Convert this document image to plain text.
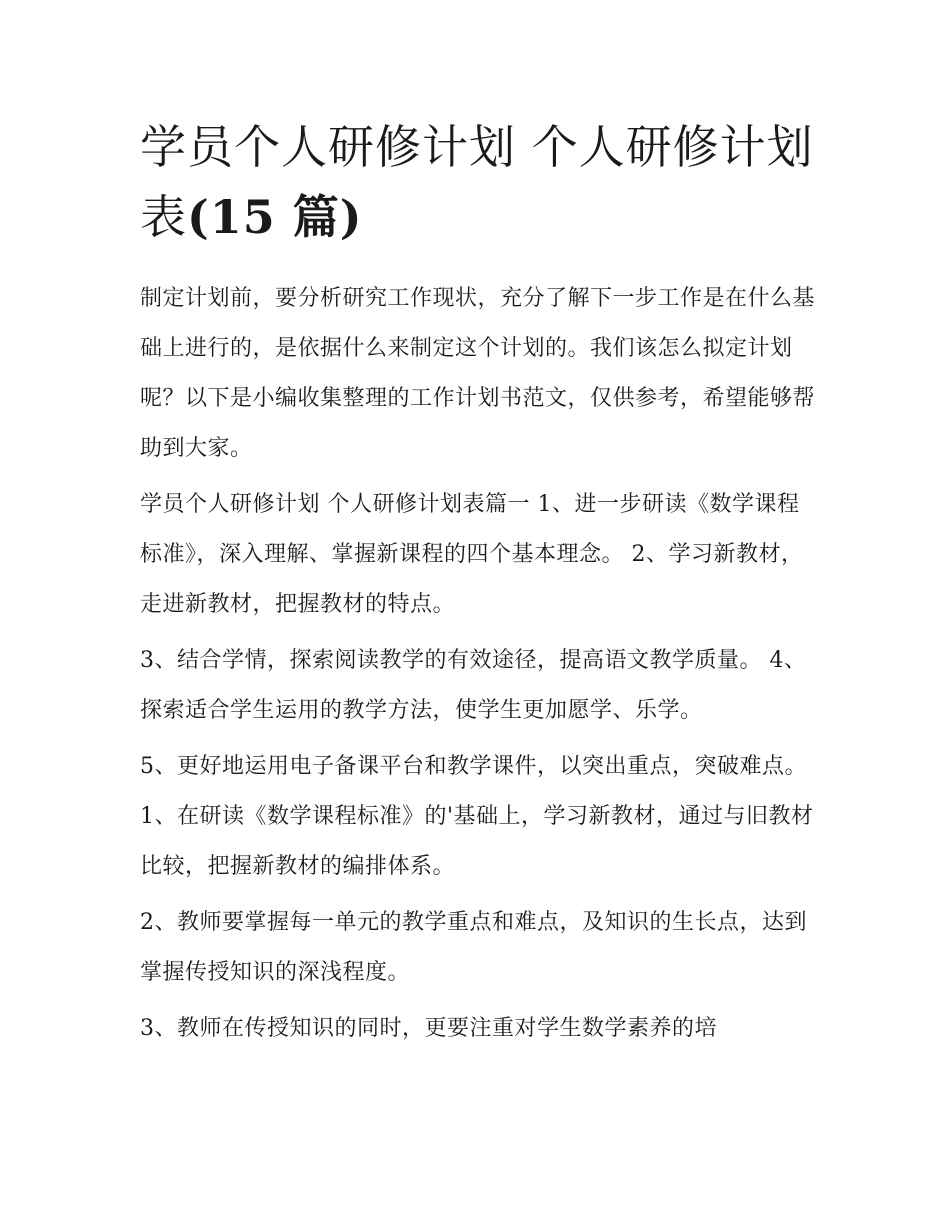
学员个人研修计划 个人研修计划表(15 篇)

制定计划前，要分析研究工作现状，充分了解下一步工作是在什么基础上进行的，是依据什么来制定这个计划的。我们该怎么拟定计划呢？以下是小编收集整理的工作计划书范文，仅供参考，希望能够帮助到大家。

学员个人研修计划 个人研修计划表篇一 1、进一步研读《数学课程标准》，深入理解、掌握新课程的四个基本理念。 2、学习新教材，走进新教材，把握教材的特点。

3、结合学情，探索阅读教学的有效途径，提高语文教学质量。 4、探索适合学生运用的教学方法，使学生更加愿学、乐学。

5、更好地运用电子备课平台和教学课件，以突出重点，突破难点。 1、在研读《数学课程标准》的'基础上，学习新教材，通过与旧教材比较，把握新教材的编排体系。

2、教师要掌握每一单元的教学重点和难点，及知识的生长点，达到掌握传授知识的深浅程度。

3、教师在传授知识的同时，更要注重对学生数学素养的培
